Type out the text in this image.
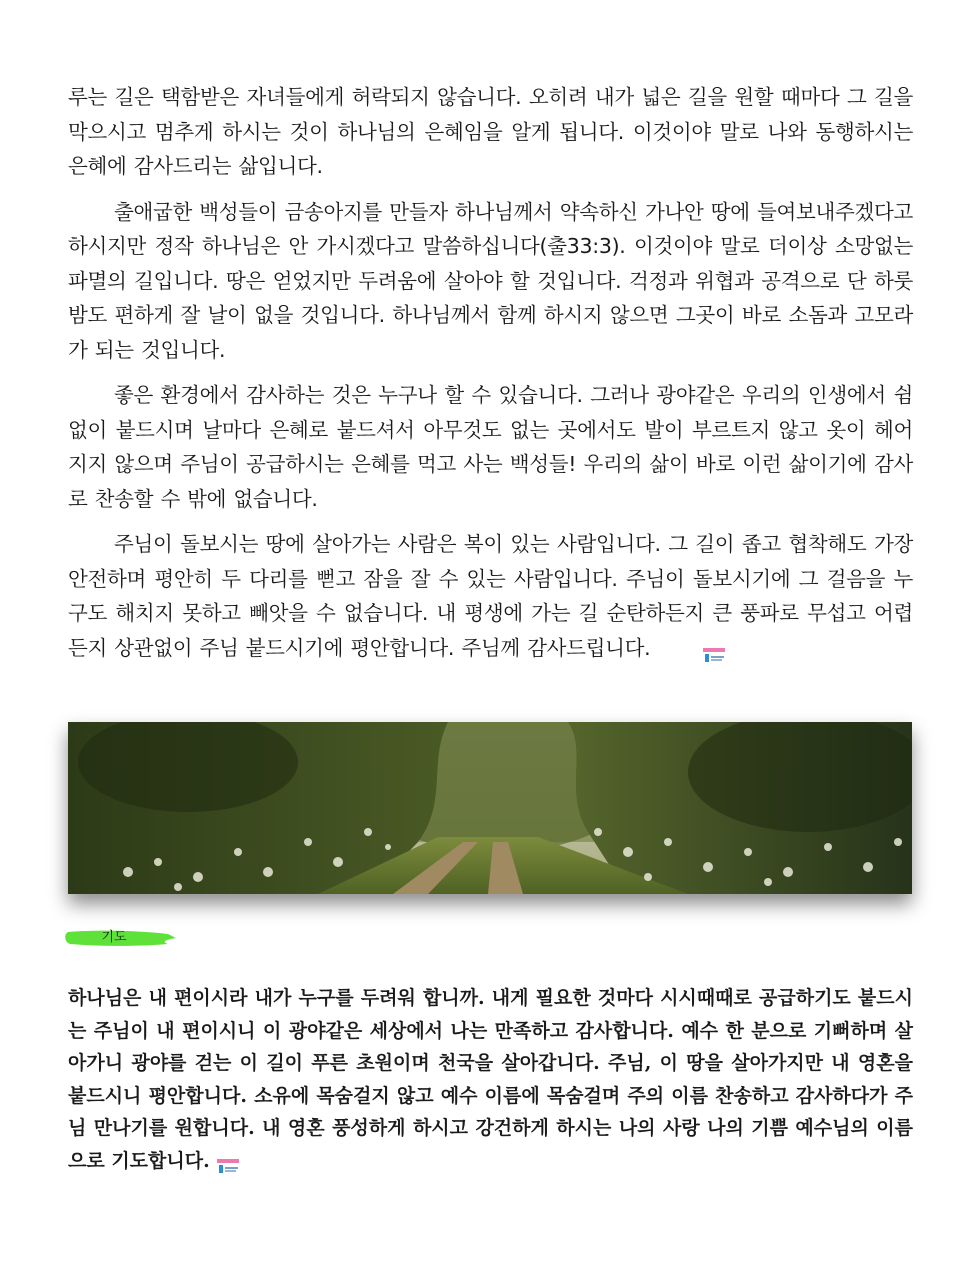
루는 길은 택함받은 자녀들에게 허락되지 않습니다. 오히려 내가 넓은 길을 원할 때마다 그 길을 막으시고 멈추게 하시는 것이 하나님의 은혜임을 알게 됩니다. 이것이야 말로 나와 동행하시는 은혜에 감사드리는 삶입니다.

출애굽한 백성들이 금송아지를 만들자 하나님께서 약속하신 가나안 땅에 들여보내주겠다고 하시지만 정작 하나님은 안 가시겠다고 말씀하십니다(출33:3). 이것이야 말로 더이상 소망없는 파멸의 길입니다. 땅은 얻었지만 두려움에 살아야 할 것입니다. 걱정과 위협과 공격으로 단 하룻밤도 편하게 잘 날이 없을 것입니다. 하나님께서 함께 하시지 않으면 그곳이 바로 소돔과 고모라가 되는 것입니다.

좋은 환경에서 감사하는 것은 누구나 할 수 있습니다. 그러나 광야같은 우리의 인생에서 쉼없이 붙드시며 날마다 은혜로 붙드셔서 아무것도 없는 곳에서도 발이 부르트지 않고 옷이 헤어지지 않으며 주님이 공급하시는 은혜를 먹고 사는 백성들! 우리의 삶이 바로 이런 삶이기에 감사로 찬송할 수 밖에 없습니다.

주님이 돌보시는 땅에 살아가는 사람은 복이 있는 사람입니다. 그 길이 좁고 협착해도 가장 안전하며 평안히 두 다리를 뻗고 잠을 잘 수 있는 사람입니다. 주님이 돌보시기에 그 걸음을 누구도 해치지 못하고 빼앗을 수 없습니다. 내 평생에 가는 길 순탄하든지 큰 풍파로 무섭고 어렵든지 상관없이 주님 붙드시기에 평안합니다. 주님께 감사드립니다.

기도

하나님은 내 편이시라 내가 누구를 두려워 합니까. 내게 필요한 것마다 시시때때로 공급하기도 붙드시는 주님이 내 편이시니 이 광야같은 세상에서 나는 만족하고 감사합니다. 예수 한 분으로 기뻐하며 살아가니 광야를 걷는 이 길이 푸른 초원이며 천국을 살아갑니다. 주님, 이 땅을 살아가지만 내 영혼을 붙드시니 평안합니다. 소유에 목숨걸지 않고 예수 이름에 목숨걸며 주의 이름 찬송하고 감사하다가 주님 만나기를 원합니다. 내 영혼 풍성하게 하시고 강건하게 하시는 나의 사랑 나의 기쁨 예수님의 이름으로 기도합니다.
